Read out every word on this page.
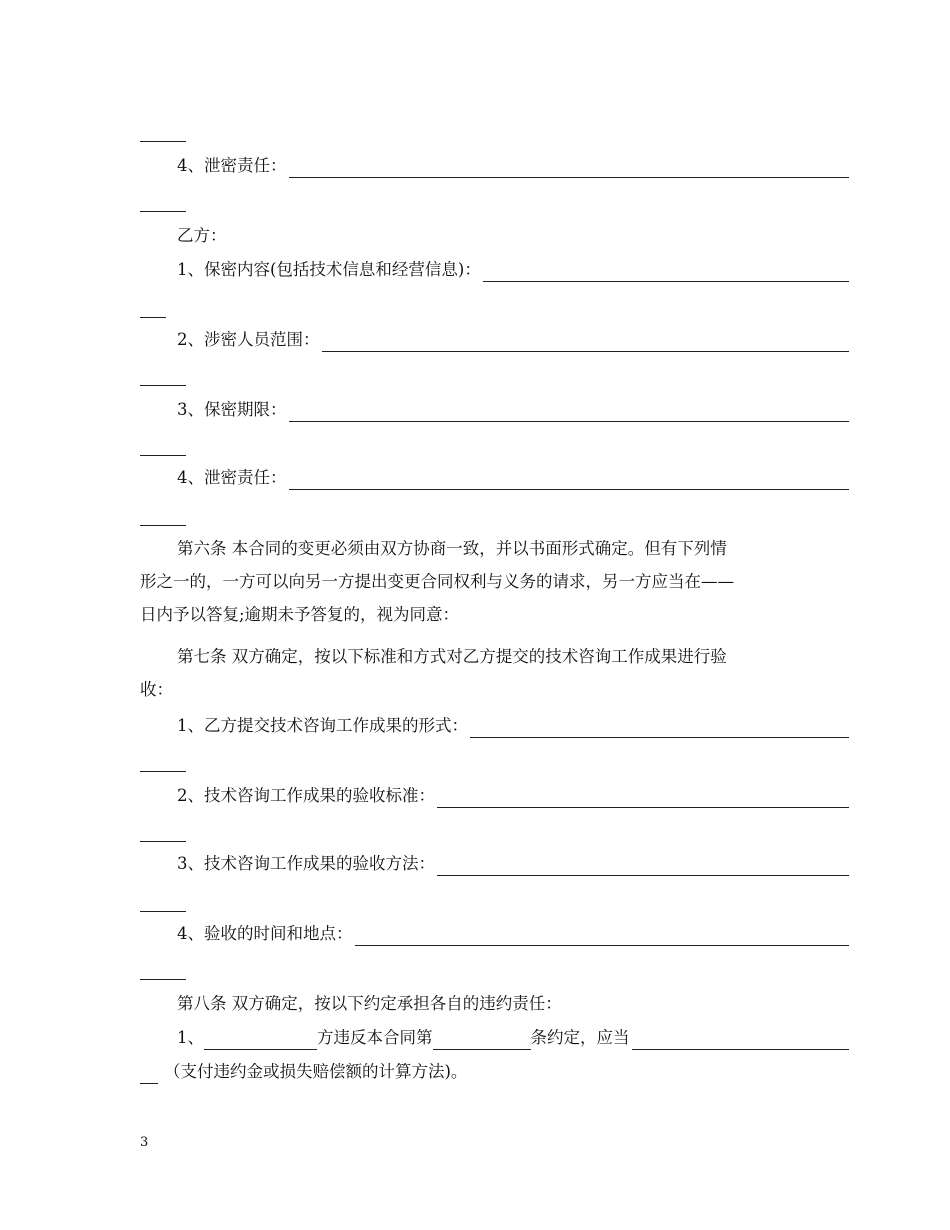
4、泄密责任：
乙方：
1、保密内容(包括技术信息和经营信息)：
2、涉密人员范围：
3、保密期限：
4、泄密责任：
第六条 本合同的变更必须由双方协商一致，并以书面形式确定。但有下列情
形之一的，一方可以向另一方提出变更合同权利与义务的请求，另一方应当在——
日内予以答复;逾期未予答复的，视为同意：
第七条 双方确定，按以下标准和方式对乙方提交的技术咨询工作成果进行验
收：
1、乙方提交技术咨询工作成果的形式：
2、技术咨询工作成果的验收标准：
3、技术咨询工作成果的验收方法：
4、验收的时间和地点：
第八条 双方确定，按以下约定承担各自的违约责任：
1、	方违反本合同第	条约定，应当
（支付违约金或损失赔偿额的计算方法)。
3
